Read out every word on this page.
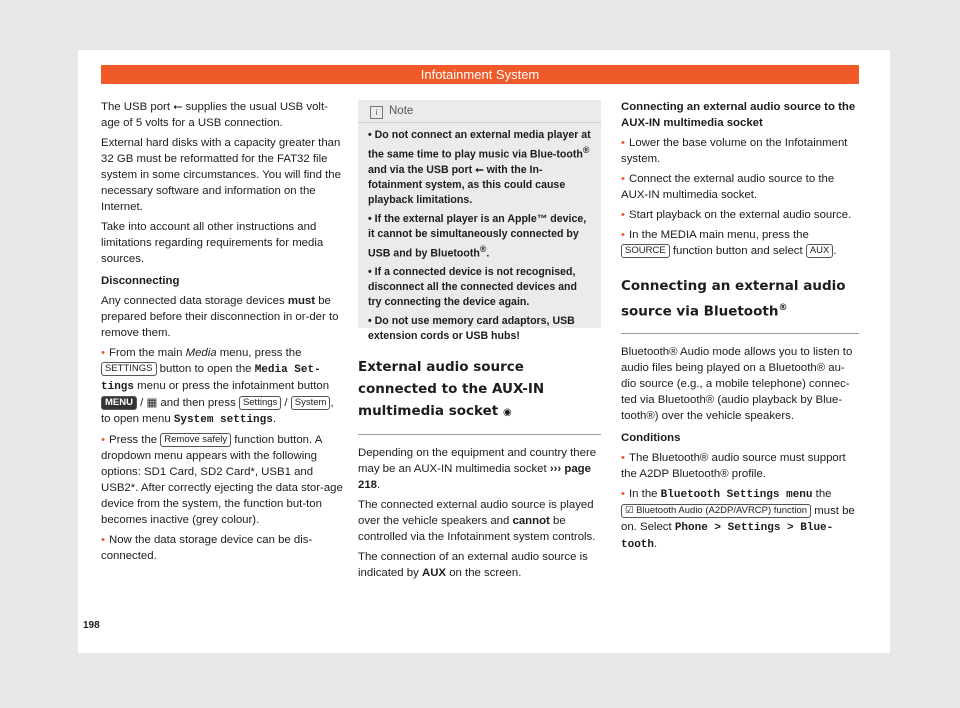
Infotainment System

The USB port ⭠ supplies the usual USB volt-age of 5 volts for a USB connection.

External hard disks with a capacity greater than 32 GB must be reformatted for the FAT32 file system in some circumstances. You will find the necessary software and information on the Internet.

Take into account all other instructions and limitations regarding requirements for media sources.

Disconnecting

Any connected data storage devices must be prepared before their disconnection in or-der to remove them.

• From the main Media menu, press the SETTINGS button to open the Media Set-tings menu or press the infotainment button MENU / ▦ and then press Settings / System , to open menu System settings.

• Press the Remove safely function button. A dropdown menu appears with the following options: SD1 Card, SD2 Card*, USB1 and USB2*. After correctly ejecting the data stor-age device from the system, the function but-ton becomes inactive (grey colour).

• Now the data storage device can be dis-connected.

i Note

• Do not connect an external media player at the same time to play music via Blue-tooth® and via the USB port ⭠ with the In-fotainment system, as this could cause playback limitations.

• If the external player is an Apple™ device, it cannot be simultaneously connected by USB and by Bluetooth®.

• If a connected device is not recognised, disconnect all the connected devices and try connecting the device again.

• Do not use memory card adaptors, USB extension cords or USB hubs!

External audio source connected to the AUX-IN multimedia socket ◉

Depending on the equipment and country there may be an AUX-IN multimedia socket ››› page 218.

The connected external audio source is played over the vehicle speakers and cannot be controlled via the Infotainment system controls.

The connection of an external audio source is indicated by AUX on the screen.

Connecting an external audio source to the AUX-IN multimedia socket

• Lower the base volume on the Infotainment system.

• Connect the external audio source to the AUX-IN multimedia socket.

• Start playback on the external audio source.

• In the MEDIA main menu, press the SOURCE function button and select AUX .

Connecting an external audio source via Bluetooth®

Bluetooth® Audio mode allows you to listen to audio files being played on a Bluetooth® au-dio source (e.g., a mobile telephone) connec-ted via Bluetooth® (audio playback by Blue-tooth®) over the vehicle speakers.

Conditions

• The Bluetooth® audio source must support the A2DP Bluetooth® profile.

• In the Bluetooth Settings menu the ☑ Bluetooth Audio (A2DP/AVRCP) function must be on. Select Phone > Settings > Blue-tooth.

198
